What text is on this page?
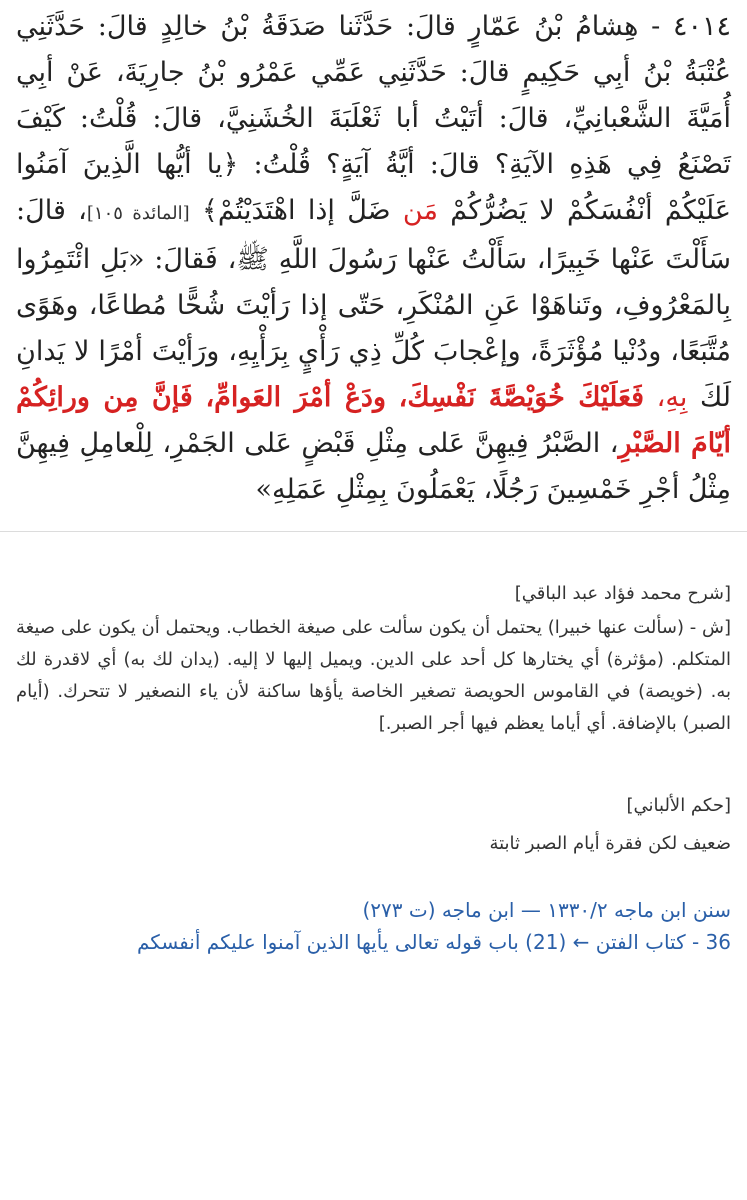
٤٠١٤ - هِشامُ بْنُ عَمّارٍ قالَ: حَدَّثَنا صَدَقَةُ بْنُ خالِدٍ قالَ: حَدَّثَنِي عُتْبَةُ بْنُ أبِي حَكِيمٍ قالَ: حَدَّثَنِي عَمِّي عَمْرُو بْنُ جارِيَةَ، عَنْ أبِي أُمَيَّةَ الشَّعْبانِيِّ، قالَ: أتَيْتُ أبا ثَعْلَبَةَ الخُشَنِيَّ، قالَ: قُلْتُ: كَيْفَ تَصْنَعُ فِي هَذِهِ الآيَةِ؟ قالَ: أيَّةُ آيَةٍ؟ قُلْتُ: ﴿يا أيُّها الَّذِينَ آمَنُوا عَلَيْكُمْ أنْفُسَكُمْ لا يَضُرُّكُمْ مَن ضَلَّ إذا اهْتَدَيْتُمْ﴾ [المائدة ١٠٥]، قالَ: سَأَلْتَ عَنْها خَبِيرًا، سَأَلْتُ عَنْها رَسُولَ اللَّهِ ﷺ، فَقالَ: «بَلِ ائْتَمِرُوا بِالمَعْرُوفِ، وتَناهَوْا عَنِ المُنْكَرِ، حَتّى إذا رَأيْتَ شُحًّا مُطاعًا، وهَوًى مُتَّبَعًا، ودُنْيا مُؤْثَرَةً، وإعْجابَ كُلِّ ذِي رَأْيٍ بِرَأْيِهِ، ورَأيْتَ أمْرًا لا يَدانِ لَكَ بِهِ، فَعَلَيْكَ خُوَيْصَّةَ نَفْسِكَ، ودَعْ أمْرَ العَوامِّ، فَإنَّ مِن ورائِكُمْ أيّامَ الصَّبْرِ، الصَّبْرُ فِيهِنَّ عَلى مِثْلِ قَبْضٍ عَلى الجَمْرِ، لِلْعامِلِ فِيهِنَّ مِثْلُ أجْرِ خَمْسِينَ رَجُلًا، يَعْمَلُونَ بِمِثْلِ عَمَلِهِ»

[شرح محمد فؤاد عبد الباقي]
[ش - (سألت عنها خبيرا) يحتمل أن يكون سألت على صيغة الخطاب. ويحتمل أن يكون على صيغة المتكلم. (مؤثرة) أي يختارها كل أحد على الدين. ويميل إليها لا إليه. (يدان لك به) أي لاقدرة لك به. (خويصة) في القاموس الحويصة تصغير الخاصة يأؤها ساكنة لأن ياء النصغير لا تتحرك. (أيام الصبر) بالإضافة. أي أياما يعظم فيها أجر الصبر.]
[حكم الألباني]
ضعيف لكن فقرة أيام الصبر ثابتة
سنن ابن ماجه ١٣٣٠/٢ — ابن ماجه (ت ٢٧٣)
36 - كتاب الفتن ← (21) باب قوله تعالى يأيها الذين آمنوا عليكم أنفسكم
